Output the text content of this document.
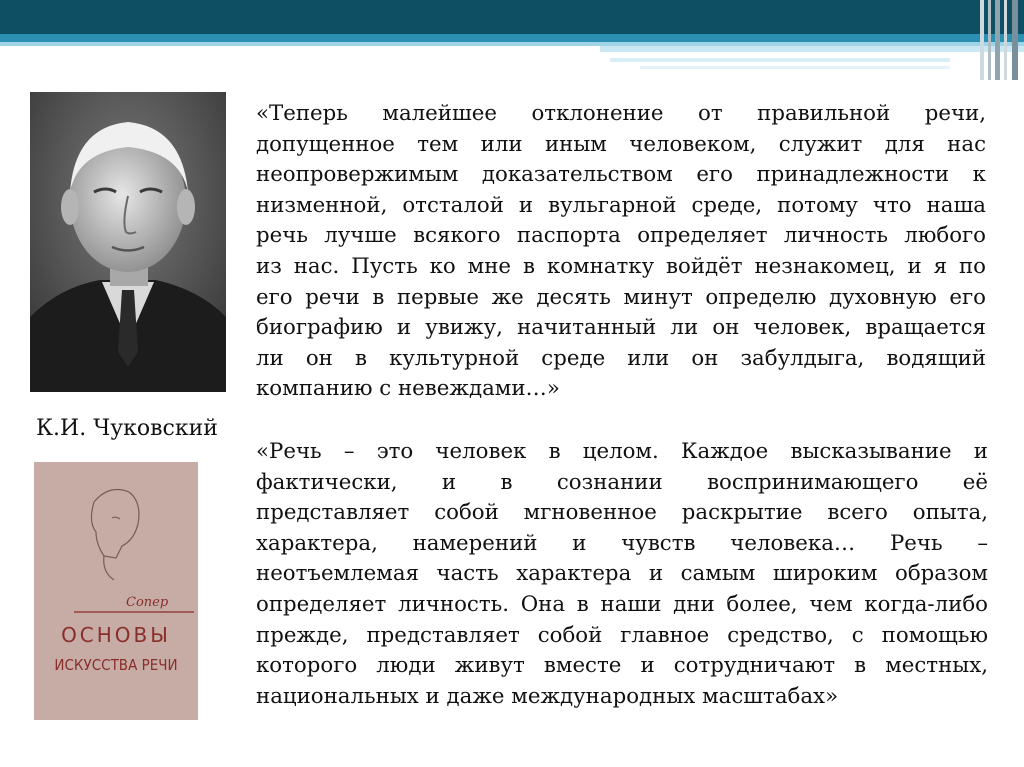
К.И. Чуковский
Сопер
ОСНОВЫ
ИСКУССТВА РЕЧИ
«Теперь малейшее отклонение от правильной речи,
допущенное тем или иным человеком, служит для нас
неопровержимым доказательством его принадлежности к
низменной, отсталой и вульгарной среде, потому что наша
речь лучше всякого паспорта определяет личность любого
из нас. Пусть ко мне в комнатку войдёт незнакомец, и я по
его речи в первые же десять минут определю духовную его
биографию и увижу, начитанный ли он человек, вращается
ли он в культурной среде или он забулдыга, водящий
компанию с невеждами…»
«Речь – это человек в целом. Каждое высказывание и
фактически, и в сознании воспринимающего её
представляет собой мгновенное раскрытие всего опыта,
характера, намерений и чувств человека… Речь –
неотъемлемая часть характера и самым широким образом
определяет личность. Она в наши дни более, чем когда-либо
прежде, представляет собой главное средство, с помощью
которого люди живут вместе и сотрудничают в местных,
национальных и даже международных масштабах»
